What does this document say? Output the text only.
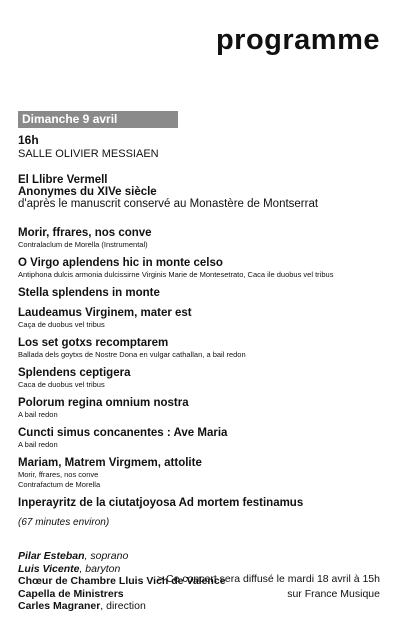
programme
Dimanche 9 avril
16h
SALLE OLIVIER MESSIAEN
El Llibre Vermell
Anonymes du XIVe siècle
d'après le manuscrit conservé au Monastère de Montserrat
Morir, ffrares, nos conve
Contralaclum de Morella (Instrumental)
O Virgo aplendens hic in monte celso
Antiphona dulcis armonia dulcissirne Virginis Marie de Montesetrato, Caca ile duobus vel tribus
Stella splendens in monte
Laudeamus Virginem, mater est
Caça de duobus vel tribus
Los set gotxs recomptarem
Ballada dels goytxs de Nostre Dona en vulgar cathallan, a bail redon
Splendens ceptigera
Caca de duobus vel tribus
Polorum regina omnium nostra
A bail redon
Cuncti simus concanentes : Ave Maria
A bail redon
Mariam, Matrem Virgmem, attolite
Morir, ffrares, nos conve
Contrafactum de Morella
Inperayritz de la ciutatjoyosa Ad mortem festinamus
(67 minutes environ)
Pilar Esteban, soprano
Luis Vicente, baryton
Chœur de Chambre Lluis Vich de Valence
Capella de Ministrers
Carles Magraner, direction
> Ce concert sera diffusé le mardi 18 avril à 15h
sur France Musique
